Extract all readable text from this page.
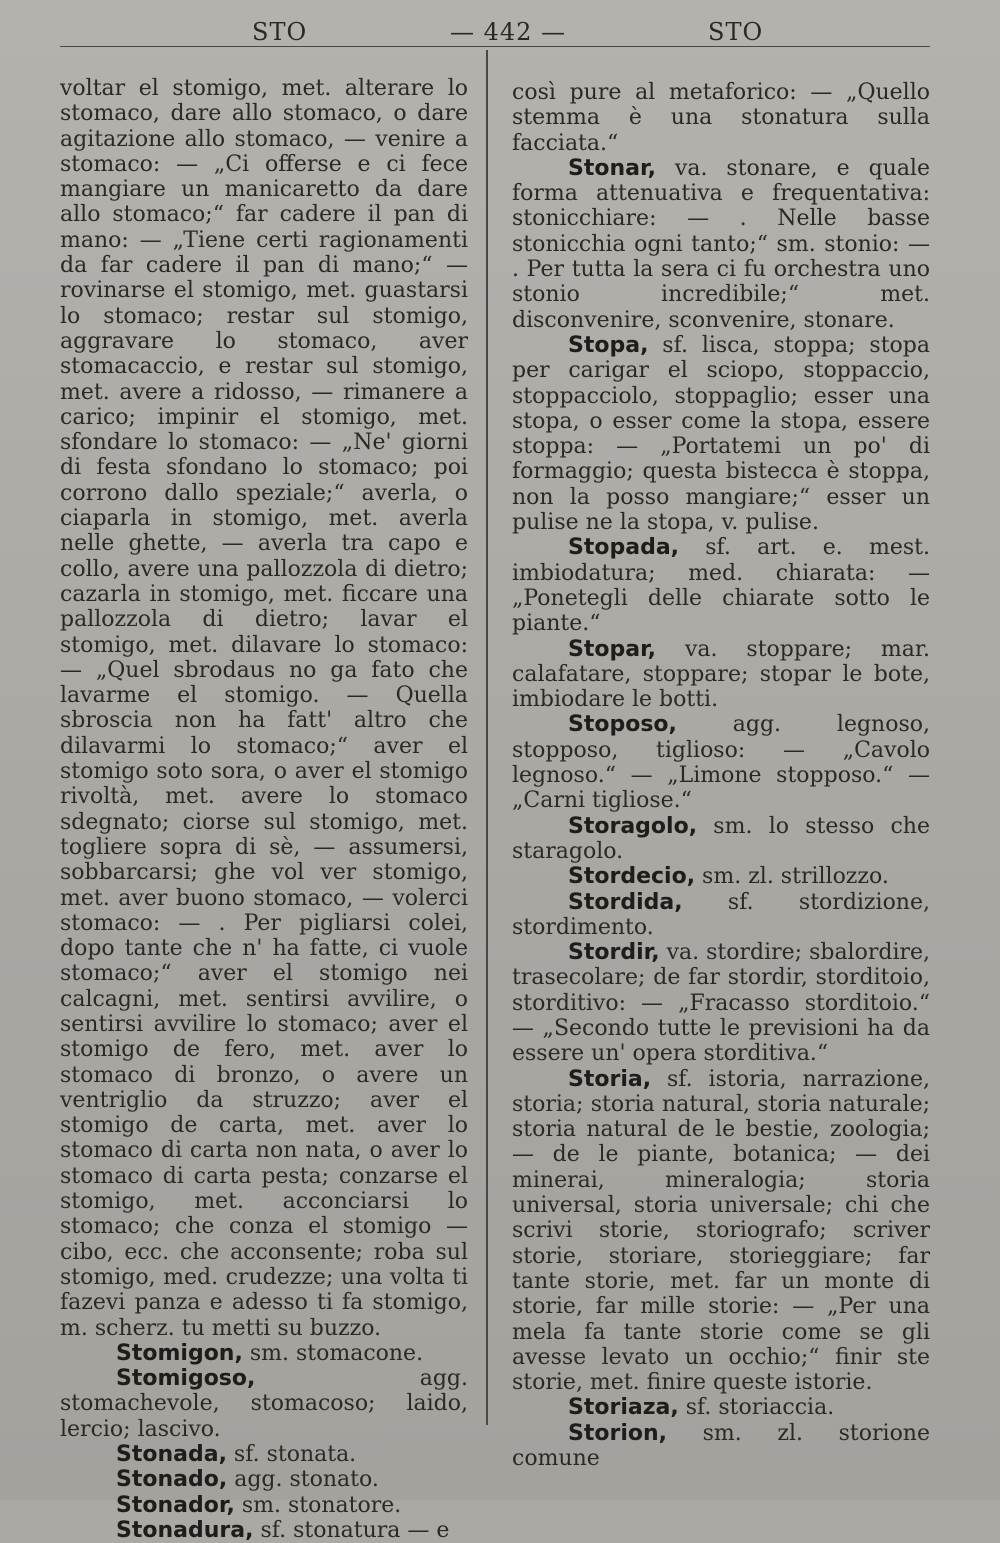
STO	— 442 —	STO

voltar el stomigo, met. alterare lo stomaco, dare allo stomaco, o dare agitazione allo stomaco, — venire a stomaco: — „Ci offerse e ci fece mangiare un manicaretto da dare allo stomaco;“ far cadere il pan di mano: — „Tiene certi ragionamenti da far cadere il pan di mano;“ — rovinarse el stomigo, met. guastarsi lo stomaco; restar sul stomigo, aggravare lo stomaco, aver stomacaccio, e restar sul stomigo, met. avere a ridosso, — rimanere a carico; impinir el stomigo, met. sfondare lo stomaco: — „Ne' giorni di festa sfondano lo stomaco; poi corrono dallo speziale;“ averla, o ciaparla in stomigo, met. averla nelle ghette, — averla tra capo e collo, avere una pallozzola di dietro; cazarla in stomigo, met. ficcare una pallozzola di dietro; lavar el stomigo, met. dilavare lo stomaco: — „Quel sbrodaus no ga fato che lavarme el stomigo. — Quella sbroscia non ha fatt' altro che dilavarmi lo stomaco;“ aver el stomigo soto sora, o aver el stomigo rivoltà, met. avere lo stomaco sdegnato; ciorse sul stomigo, met. togliere sopra di sè, — assumersi, sobbarcarsi; ghe vol ver stomigo, met. aver buono stomaco, — volerci stomaco: — . Per pigliarsi colei, dopo tante che n' ha fatte, ci vuole stomaco;“ aver el stomigo nei calcagni, met. sentirsi avvilire, o sentirsi avvilire lo stomaco; aver el stomigo de fero, met. aver lo stomaco di bronzo, o avere un ventriglio da struzzo; aver el stomigo de carta, met. aver lo stomaco di carta non nata, o aver lo stomaco di carta pesta; conzarse el stomigo, met. acconciarsi lo stomaco; che conza el stomigo — cibo, ecc. che acconsente; roba sul stomigo, med. crudezze; una volta ti fazevi panza e adesso ti fa stomigo, m. scherz. tu metti su buzzo.

Stomigon, sm. stomacone.

Stomigoso, agg. stomachevole, stomacoso; laido, lercio; lascivo.

Stonada, sf. stonata.

Stonado, agg. stonato.

Stonador, sm. stonatore.

Stonadura, sf. stonatura — e

così pure al metaforico: — „Quello stemma è una stonatura sulla facciata.“

Stonar, va. stonare, e quale forma attenuativa e frequentativa: stonicchiare: — . Nelle basse stonicchia ogni tanto;“ sm. stonio: — . Per tutta la sera ci fu orchestra uno stonio incredibile;“ met. disconvenire, sconvenire, stonare.

Stopa, sf. lisca, stoppa; stopa per carigar el sciopo, stoppaccio, stoppacciolo, stoppaglio; esser una stopa, o esser come la stopa, essere stoppa: — „Portatemi un po' di formaggio; questa bistecca è stoppa, non la posso mangiare;“ esser un pulise ne la stopa, v. pulise.

Stopada, sf. art. e. mest. imbiodatura; med. chiarata: — „Ponetegli delle chiarate sotto le piante.“

Stopar, va. stoppare; mar. calafatare, stoppare; stopar le bote, imbiodare le botti.

Stoposo, agg. legnoso, stopposo, tiglioso: — „Cavolo legnoso.“ — „Limone stopposo.“ — „Carni tigliose.“

Storagolo, sm. lo stesso che staragolo.

Stordecio, sm. zl. strillozzo.

Stordida, sf. stordizione, stordimento.

Stordir, va. stordire; sbalordire, trasecolare; de far stordir, storditoio, storditivo: — „Fracasso storditoio.“ — „Secondo tutte le previsioni ha da essere un' opera storditiva.“

Storia, sf. istoria, narrazione, storia; storia natural, storia naturale; storia natural de le bestie, zoologia; — de le piante, botanica; — dei minerai, mineralogia; storia universal, storia universale; chi che scrivi storie, storiografo; scriver storie, storiare, storieggiare; far tante storie, met. far un monte di storie, far mille storie: — „Per una mela fa tante storie come se gli avesse levato un occhio;“ finir ste storie, met. finire queste istorie.

Storiaza, sf. storiaccia.

Storion, sm. zl. storione comune
